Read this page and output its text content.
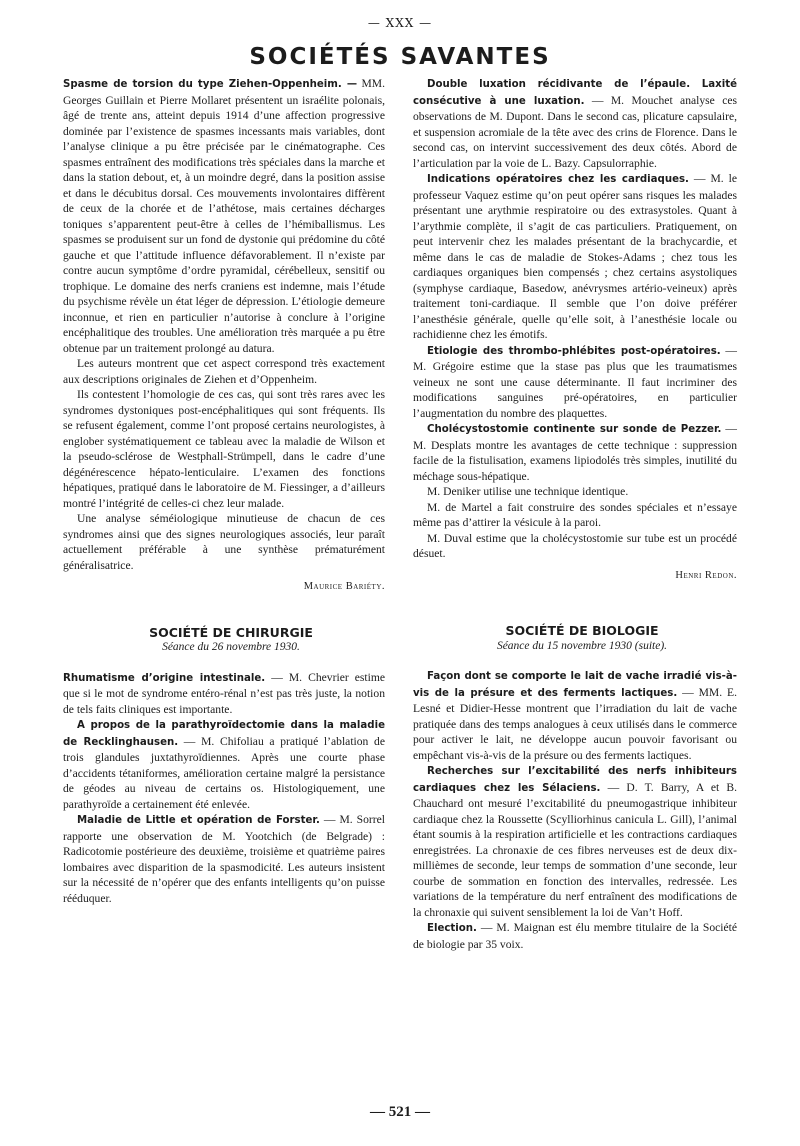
— XXX —
SOCIÉTÉS SAVANTES

Spasme de torsion du type Ziehen-Oppenheim. — MM. Georges Guillain et Pierre Mollaret présentent un israélite polonais, âgé de trente ans, atteint depuis 1914 d’une affection progressive dominée par l’existence de spasmes incessants mais variables, dont l’analyse clinique a pu être précisée par le cinématographe. Ces spasmes entraînent des modifications très spéciales dans la marche et dans la station debout, et, à un moindre degré, dans la position assise et dans le décubitus dorsal. Ces mouvements involontaires diffèrent de ceux de la chorée et de l’athétose, mais certaines décharges toniques s’apparentent peut-être à celles de l’hémiballismus. Les spasmes se produisent sur un fond de dystonie qui prédomine du côté gauche et que l’attitude influence défavorablement. Il n’existe par contre aucun symptôme d’ordre pyramidal, cérébelleux, sensitif ou trophique. Le domaine des nerfs craniens est indemne, mais l’étude du psychisme révèle un état léger de dépression. L’étiologie demeure inconnue, et rien en particulier n’autorise à conclure à l’origine encéphalitique des troubles. Une amélioration très marquée a pu être obtenue par un traitement prolongé au datura.

Les auteurs montrent que cet aspect correspond très exactement aux descriptions originales de Ziehen et d’Oppenheim.

Ils contestent l’homologie de ces cas, qui sont très rares avec les syndromes dystoniques post-encéphalitiques qui sont fréquents. Ils se refusent également, comme l’ont proposé certains neurologistes, à englober systématiquement ce tableau avec la maladie de Wilson et la pseudo-sclérose de Westphall-Strümpell, dans le cadre d’une dégénérescence hépato-lenticulaire. L’examen des fonctions hépatiques, pratiqué dans le laboratoire de M. Fiessinger, a d’ailleurs montré l’intégrité de celles-ci chez leur malade.

Une analyse séméiologique minutieuse de chacun de ces syndromes ainsi que des signes neurologiques associés, leur paraît actuellement préférable à une synthèse prématurément généralisatrice.

Maurice Bariéty.

SOCIÉTÉ DE CHIRURGIE

Séance du 26 novembre 1930.

Rhumatisme d’origine intestinale. — M. Chevrier estime que si le mot de syndrome entéro-rénal n’est pas très juste, la notion de tels faits cliniques est importante.

A propos de la parathyroïdectomie dans la maladie de Recklinghausen. — M. Chifoliau a pratiqué l’ablation de trois glandules juxtathyroïdiennes. Après une courte phase d’accidents tétaniformes, amélioration certaine malgré la persistance de géodes au niveau de certains os. Histologiquement, une parathyroïde a certainement été enlevée.

Maladie de Little et opération de Forster. — M. Sorrel rapporte une observation de M. Yootchich (de Belgrade) : Radicotomie postérieure des deuxième, troisième et quatrième paires lombaires avec disparition de la spasmodicité. Les auteurs insistent sur la nécessité de n’opérer que des enfants intelligents qu’on puisse rééduquer.

Double luxation récidivante de l’épaule. Laxité consécutive à une luxation. — M. Mouchet analyse ces observations de M. Dupont. Dans le second cas, plicature capsulaire, et suspension acromiale de la tête avec des crins de Florence. Dans le second cas, on intervint successivement des deux côtés. Abord de l’articulation par la voie de L. Bazy. Capsulorraphie.

Indications opératoires chez les cardiaques. — M. le professeur Vaquez estime qu’on peut opérer sans risques les malades présentant une arythmie respiratoire ou des extrasystoles. Quant à l’arythmie complète, il s’agit de cas particuliers. Pratiquement, on peut intervenir chez les malades présentant de la brachycardie, et même dans le cas de maladie de Stokes-Adams ; chez tous les cardiaques organiques bien compensés ; chez certains asystoliques (symphyse cardiaque, Basedow, anévrysmes artério-veineux) après traitement toni-cardiaque. Il semble que l’on doive préférer l’anesthésie générale, quelle qu’elle soit, à l’anesthésie locale ou rachidienne chez les émotifs.

Etiologie des thrombo-phlébites post-opératoires. — M. Grégoire estime que la stase pas plus que les traumatismes veineux ne sont une cause déterminante. Il faut incriminer des modifications sanguines pré-opératoires, en particulier l’augmentation du nombre des plaquettes.

Cholécystostomie continente sur sonde de Pezzer. — M. Desplats montre les avantages de cette technique : suppression facile de la fistulisation, examens lipiodolés très simples, inutilité du méchage sous-hépatique.

M. Deniker utilise une technique identique.

M. de Martel a fait construire des sondes spéciales et n’essaye même pas d’attirer la vésicule à la paroi.

M. Duval estime que la cholécystostomie sur tube est un procédé désuet.

Henri Redon.

SOCIÉTÉ DE BIOLOGIE

Séance du 15 novembre 1930 (suite).

Façon dont se comporte le lait de vache irradié vis-à-vis de la présure et des ferments lactiques. — MM. E. Lesné et Didier-Hesse montrent que l’irradiation du lait de vache pratiquée dans des temps analogues à ceux utilisés dans le commerce pour activer le lait, ne développe aucun pouvoir favorisant ou empêchant vis-à-vis de la présure ou des ferments lactiques.

Recherches sur l’excitabilité des nerfs inhibiteurs cardiaques chez les Sélaciens. — D. T. Barry, A et B. Chauchard ont mesuré l’excitabilité du pneumogastrique inhibiteur cardiaque chez la Roussette (Scylliorhinus canicula L. Gill), l’animal étant soumis à la respiration artificielle et les contractions cardiaques enregistrées. La chronaxie de ces fibres nerveuses est de deux dix-millièmes de seconde, leur temps de sommation d’une seconde, leur courbe de sommation en fonction des intervalles, redressée. Les variations de la température du nerf entraînent des modifications de la chronaxie qui suivent sensiblement la loi de Van’t Hoff.

Election. — M. Maignan est élu membre titulaire de la Société de biologie par 35 voix.

— 521 —
